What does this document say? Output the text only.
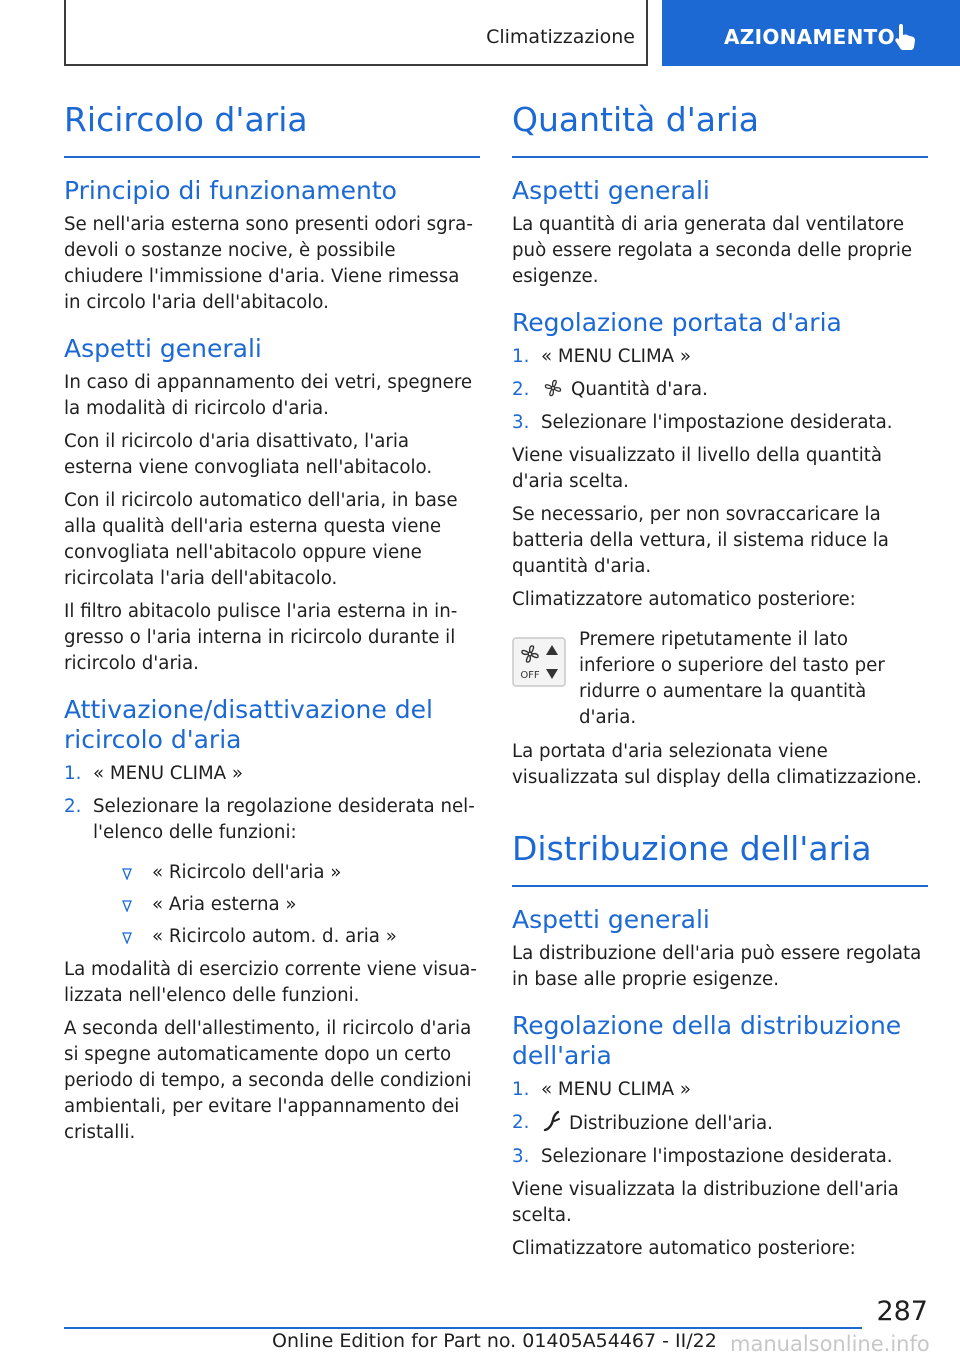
Climatizzazione	AZIONAMENTO
Ricircolo d'aria
Principio di funzionamento

Se nell'aria esterna sono presenti odori sgradevoli o sostanze nocive, è possibile chiudere l'immissione d'aria. Viene rimessa in circolo l'aria dell'abitacolo.

Aspetti generali

In caso di appannamento dei vetri, spegnere la modalità di ricircolo d'aria.

Con il ricircolo d'aria disattivato, l'aria esterna viene convogliata nell'abitacolo.

Con il ricircolo automatico dell'aria, in base alla qualità dell'aria esterna questa viene convogliata nell'abitacolo oppure viene ricircolata l'aria dell'abitacolo.

Il filtro abitacolo pulisce l'aria esterna in ingresso o l'aria interna in ricircolo durante il ricircolo d'aria.

Attivazione/disattivazione del ricircolo d'aria
1. « MENU CLIMA »
2. Selezionare la regolazione desiderata nell'elenco delle funzioni:
« Ricircolo dell'aria »
« Aria esterna »
« Ricircolo autom. d. aria »

La modalità di esercizio corrente viene visualizzata nell'elenco delle funzioni.

A seconda dell'allestimento, il ricircolo d'aria si spegne automaticamente dopo un certo periodo di tempo, a seconda delle condizioni ambientali, per evitare l'appannamento dei cristalli.

Quantità d'aria
Aspetti generali

La quantità di aria generata dal ventilatore può essere regolata a seconda delle proprie esigenze.

Regolazione portata d'aria
1. « MENU CLIMA »
2. Quantità d'ara.
3. Selezionare l'impostazione desiderata.

Viene visualizzato il livello della quantità d'aria scelta.

Se necessario, per non sovraccaricare la batteria della vettura, il sistema riduce la quantità d'aria.

Climatizzatore automatico posteriore:

OFF
Premere ripetutamente il lato inferiore o superiore del tasto per ridurre o aumentare la quantità d'aria.

La portata d'aria selezionata viene visualizzata sul display della climatizzazione.

Distribuzione dell'aria
Aspetti generali

La distribuzione dell'aria può essere regolata in base alle proprie esigenze.

Regolazione della distribuzione dell'aria
1. « MENU CLIMA »
2. Distribuzione dell'aria.
3. Selezionare l'impostazione desiderata.

Viene visualizzata la distribuzione dell'aria scelta.

Climatizzatore automatico posteriore:

287
Online Edition for Part no. 01405A54467 - II/22 manualsonline.info
